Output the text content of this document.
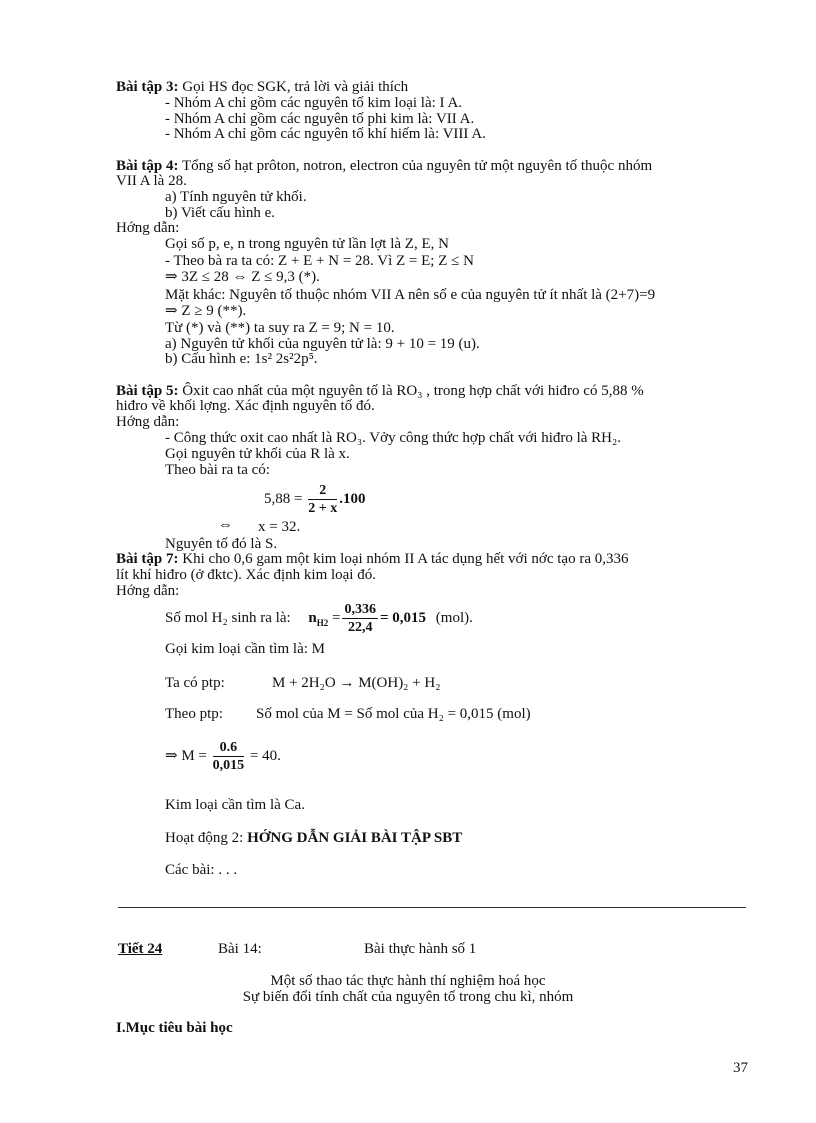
Bài tập 3: Gọi HS đọc SGK, trả lời và giải thích
- Nhóm A chỉ gồm các nguyên tố kim loại là: I A.
- Nhóm A chỉ gồm các nguyên tố phi kim là: VII A.
- Nhóm A chỉ gồm các nguyên tố khí hiếm là: VIII A.
Bài tập 4: Tổng số hạt prôton, notron, electron của nguyên tử một nguyên tố thuộc nhóm
VII A là 28.
a) Tính nguyên tử khối.
b) Viết cấu hình e.
Hớng dẫn:
Gọi số p, e, n trong nguyên tử lần lợt là Z, E, N
- Theo bà ra ta có: Z + E + N = 28. Vì Z = E; Z ≤ N
⇒ 3Z ≤ 28 ⇔ Z ≤ 9,3 (*).
Mặt khác: Nguyên tố thuộc nhóm VII A nên số e của nguyên tử ít nhất là (2+7)=9
⇒ Z ≥ 9 (**).
Từ (*) và (**) ta suy ra Z = 9; N = 10.
a) Nguyên tử khối của nguyên tử là: 9 + 10 = 19 (u).
b) Cấu hình e: 1s² 2s²2p⁵.
Bài tập 5: Ôxit cao nhất của một nguyên tố là RO₃ , trong hợp chất với hiđro có 5,88 %
hiđro về khối lợng. Xác định nguyên tố đó.
Hớng dẫn:
- Công thức oxit cao nhất là RO₃. Vởy công thức hợp chất với hiđro là RH₂.
Gọi nguyên tử khối của R là x.
Theo bài ra ta có:
$5,88 = \frac{2}{2 + x} .100$
⇔ x = 32.
Nguyên tố đó là S.
Bài tập 7: Khi cho 0,6 gam một kim loại nhóm II A tác dụng hết với nớc tạo ra 0,336
lít khí hiđro (ở đktc). Xác định kim loại đó.
Hớng dẫn:
Số mol H₂ sinh ra là: $n_{H2} = \frac{0,336}{22,4} = 0,015$ (mol).
Gọi kim loại cần tìm là: M
Ta có ptp:	M + 2H₂O → M(OH)₂ + H₂
Theo ptp: Số mol của M = Số mol của H₂ = 0,015 (mol)
⇒ $M = \frac{0.6}{0,015} = 40$.
Kim loại cần tìm là Ca.
Hoạt động 2: HỚNG DẪN GIẢI BÀI TẬP SBT
Các bài: . . .
Tiết 24	Bài 14:	Bài thực hành số 1
Một số thao tác thực hành thí nghiệm hoá học
Sự biến đổi tính chất của nguyên tố trong chu kì, nhóm
I.Mục tiêu bài học
37
